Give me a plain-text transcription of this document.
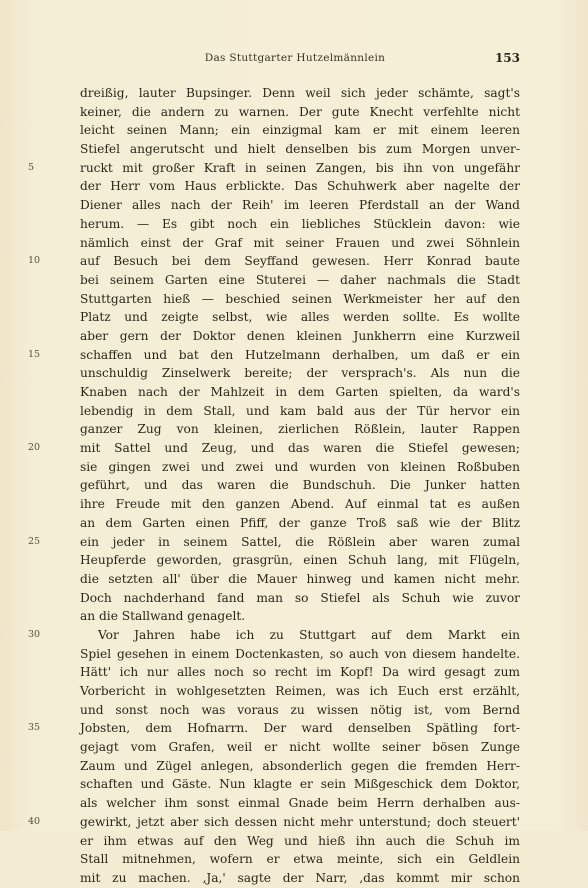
Das Stuttgarter Hutzelmännlein	153
dreißig, lauter Bupsinger. Denn weil sich jeder schämte, sagt's
keiner, die andern zu warnen. Der gute Knecht verfehlte nicht
leicht seinen Mann; ein einzigmal kam er mit einem leeren
Stiefel angerutscht und hielt denselben bis zum Morgen unver-
5	ruckt mit großer Kraft in seinen Zangen, bis ihn von ungefähr
der Herr vom Haus erblickte. Das Schuhwerk aber nagelte der
Diener alles nach der Reih' im leeren Pferdstall an der Wand
herum. — Es gibt noch ein liebliches Stücklein davon: wie
nämlich einst der Graf mit seiner Frauen und zwei Söhnlein
10	auf Besuch bei dem Seyffand gewesen. Herr Konrad baute
bei seinem Garten eine Stuterei — daher nachmals die Stadt
Stuttgarten hieß — beschied seinen Werkmeister her auf den
Platz und zeigte selbst, wie alles werden sollte. Es wollte
aber gern der Doktor denen kleinen Junkherrn eine Kurzweil
15	schaffen und bat den Hutzelmann derhalben, um daß er ein
unschuldig Zinselwerk bereite; der versprach's. Als nun die
Knaben nach der Mahlzeit in dem Garten spielten, da ward's
lebendig in dem Stall, und kam bald aus der Tür hervor ein
ganzer Zug von kleinen, zierlichen Rößlein, lauter Rappen
20	mit Sattel und Zeug, und das waren die Stiefel gewesen;
sie gingen zwei und zwei und wurden von kleinen Roßbuben
geführt, und das waren die Bundschuh. Die Junker hatten
ihre Freude mit den ganzen Abend. Auf einmal tat es außen
an dem Garten einen Pfiff, der ganze Troß saß wie der Blitz
25	ein jeder in seinem Sattel, die Rößlein aber waren zumal
Heupferde geworden, grasgrün, einen Schuh lang, mit Flügeln,
die setzten all' über die Mauer hinweg und kamen nicht mehr.
Doch nachderhand fand man so Stiefel als Schuh wie zuvor
an die Stallwand genagelt.
30	Vor Jahren habe ich zu Stuttgart auf dem Markt ein
Spiel gesehen in einem Doctenkasten, so auch von diesem handelte.
Hätt' ich nur alles noch so recht im Kopf! Da wird gesagt zum
Vorbericht in wohlgesetzten Reimen, was ich Euch erst erzählt,
und sonst noch was voraus zu wissen nötig ist, vom Bernd
35	Jobsten, dem Hofnarrn. Der ward denselben Spätling fort-
gejagt vom Grafen, weil er nicht wollte seiner bösen Zunge
Zaum und Zügel anlegen, absonderlich gegen die fremden Herr-
schaften und Gäste. Nun klagte er sein Mißgeschick dem Doktor,
als welcher ihm sonst einmal Gnade beim Herrn derhalben aus-
40	gewirkt, jetzt aber sich dessen nicht mehr unterstund; doch steuert'
er ihm etwas auf den Weg und hieß ihn auch die Schuh im
Stall mitnehmen, wofern er etwa meinte, sich ein Geldlein
mit zu machen. ‚Ja,' sagte der Narr, ‚das kommt mir schon
